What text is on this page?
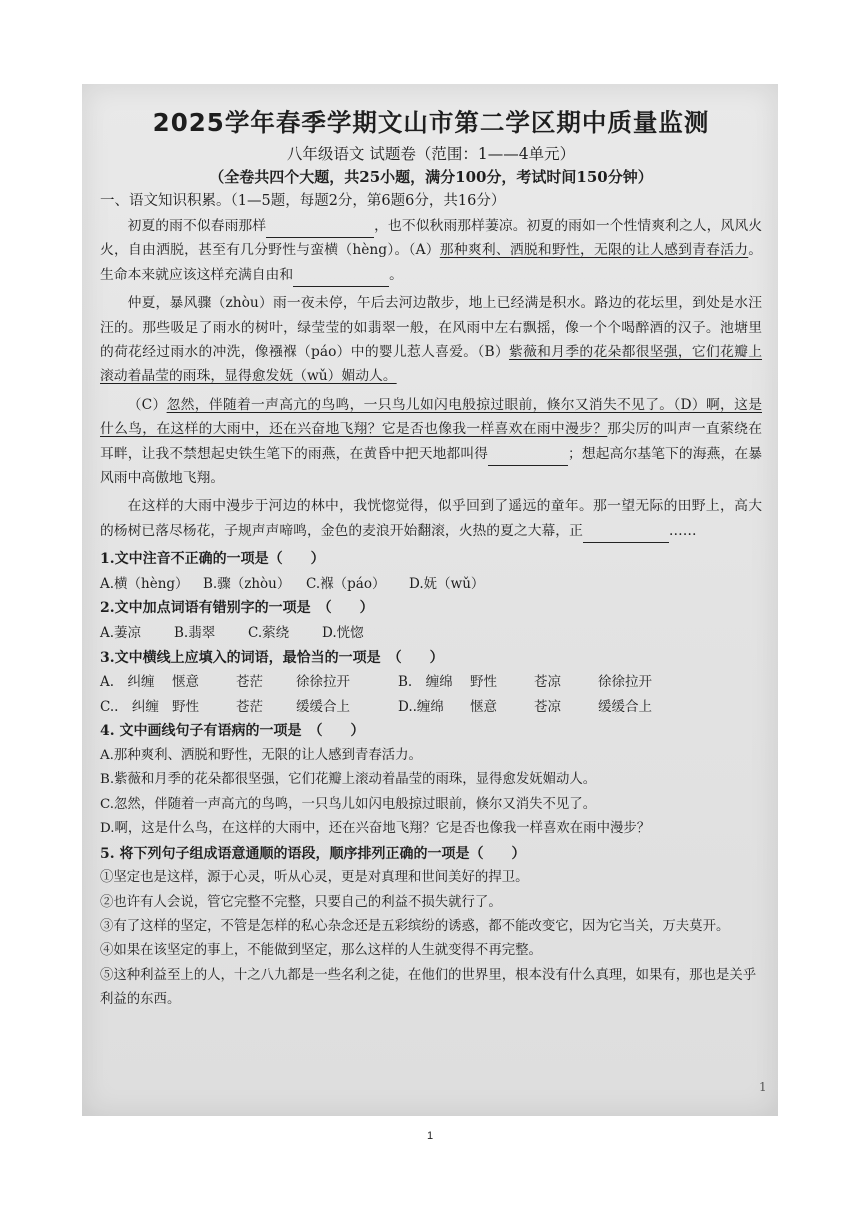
2025学年春季学期文山市第二学区期中质量监测
八年级语文 试题卷（范围：1——4单元）
（全卷共四个大题，共25小题，满分100分，考试时间150分钟）
一、语文知识积累。（1—5题，每题2分，第6题6分，共16分）
初夏的雨不似春雨那样	，也不似秋雨那样萋凉。初夏的雨如一个性情爽利之人，风风火火，自由洒脱，甚至有几分野性与蛮横（hèng）。（A）那种爽利、洒脱和野性，无限的让人感到青春活力。生命本来就应该这样充满自由和	。
仲夏，暴风骤（zhòu）雨一夜未停，午后去河边散步，地上已经满是积水。路边的花坛里，到处是水汪汪的。那些吸足了雨水的树叶，绿莹莹的如翡翠一般，在风雨中左右飘摇，像一个个喝醉酒的汉子。池塘里的荷花经过雨水的冲洗，像襁褓（páo）中的婴儿惹人喜爱。（B）紫薇和月季的花朵都很坚强，它们花瓣上滚动着晶莹的雨珠，显得愈发妩（wǔ）媚动人。
（C）忽然，伴随着一声高亢的鸟鸣，一只鸟儿如闪电般掠过眼前，倏尔又消失不见了。（D）啊，这是什么鸟，在这样的大雨中，还在兴奋地飞翔？它是否也像我一样喜欢在雨中漫步？那尖厉的叫声一直萦绕在耳畔，让我不禁想起史铁生笔下的雨燕，在黄昏中把天地都叫得	；想起高尔基笔下的海燕，在暴风雨中高傲地飞翔。
在这样的大雨中漫步于河边的林中，我恍惚觉得，似乎回到了遥远的童年。那一望无际的田野上，高大的杨树已落尽杨花，子规声声啼鸣，金色的麦浪开始翻滚，火热的夏之大幕，正	……
1.文中注音不正确的一项是（　　）
A.横（hèng） B.骤（zhòu） C.褓（páo） D.妩（wǔ）
2.文中加点词语有错别字的一项是　（　　）
A.萋凉 B.翡翠 C.萦绕 D.恍惚
3.文中横线上应填入的词语，最恰当的一项是　（　　）
A.　纠缠 惬意	苍茫 徐徐拉开	B.　缠绵 野性	苍凉	徐徐拉开
C..　纠缠 野性	苍茫 缓缓合上	D..缠绵 惬意	苍凉	缓缓合上
4. 文中画线句子有语病的一项是　（　　）
A.那种爽利、洒脱和野性，无限的让人感到青春活力。
B.紫薇和月季的花朵都很坚强，它们花瓣上滚动着晶莹的雨珠，显得愈发妩媚动人。
C.忽然，伴随着一声高亢的鸟鸣，一只鸟儿如闪电般掠过眼前，倏尔又消失不见了。
D.啊，这是什么鸟，在这样的大雨中，还在兴奋地飞翔？它是否也像我一样喜欢在雨中漫步？
5. 将下列句子组成语意通顺的语段，顺序排列正确的一项是（　　）
①坚定也是这样，源于心灵，听从心灵，更是对真理和世间美好的捍卫。
②也许有人会说，管它完整不完整，只要自己的利益不损失就行了。
③有了这样的坚定，不管是怎样的私心杂念还是五彩缤纷的诱惑，都不能改变它，因为它当关，万夫莫开。
④如果在该坚定的事上，不能做到坚定，那么这样的人生就变得不再完整。
⑤这种利益至上的人，十之八九都是一些名利之徒，在他们的世界里，根本没有什么真理，如果有，那也是关乎利益的东西。
1
1
